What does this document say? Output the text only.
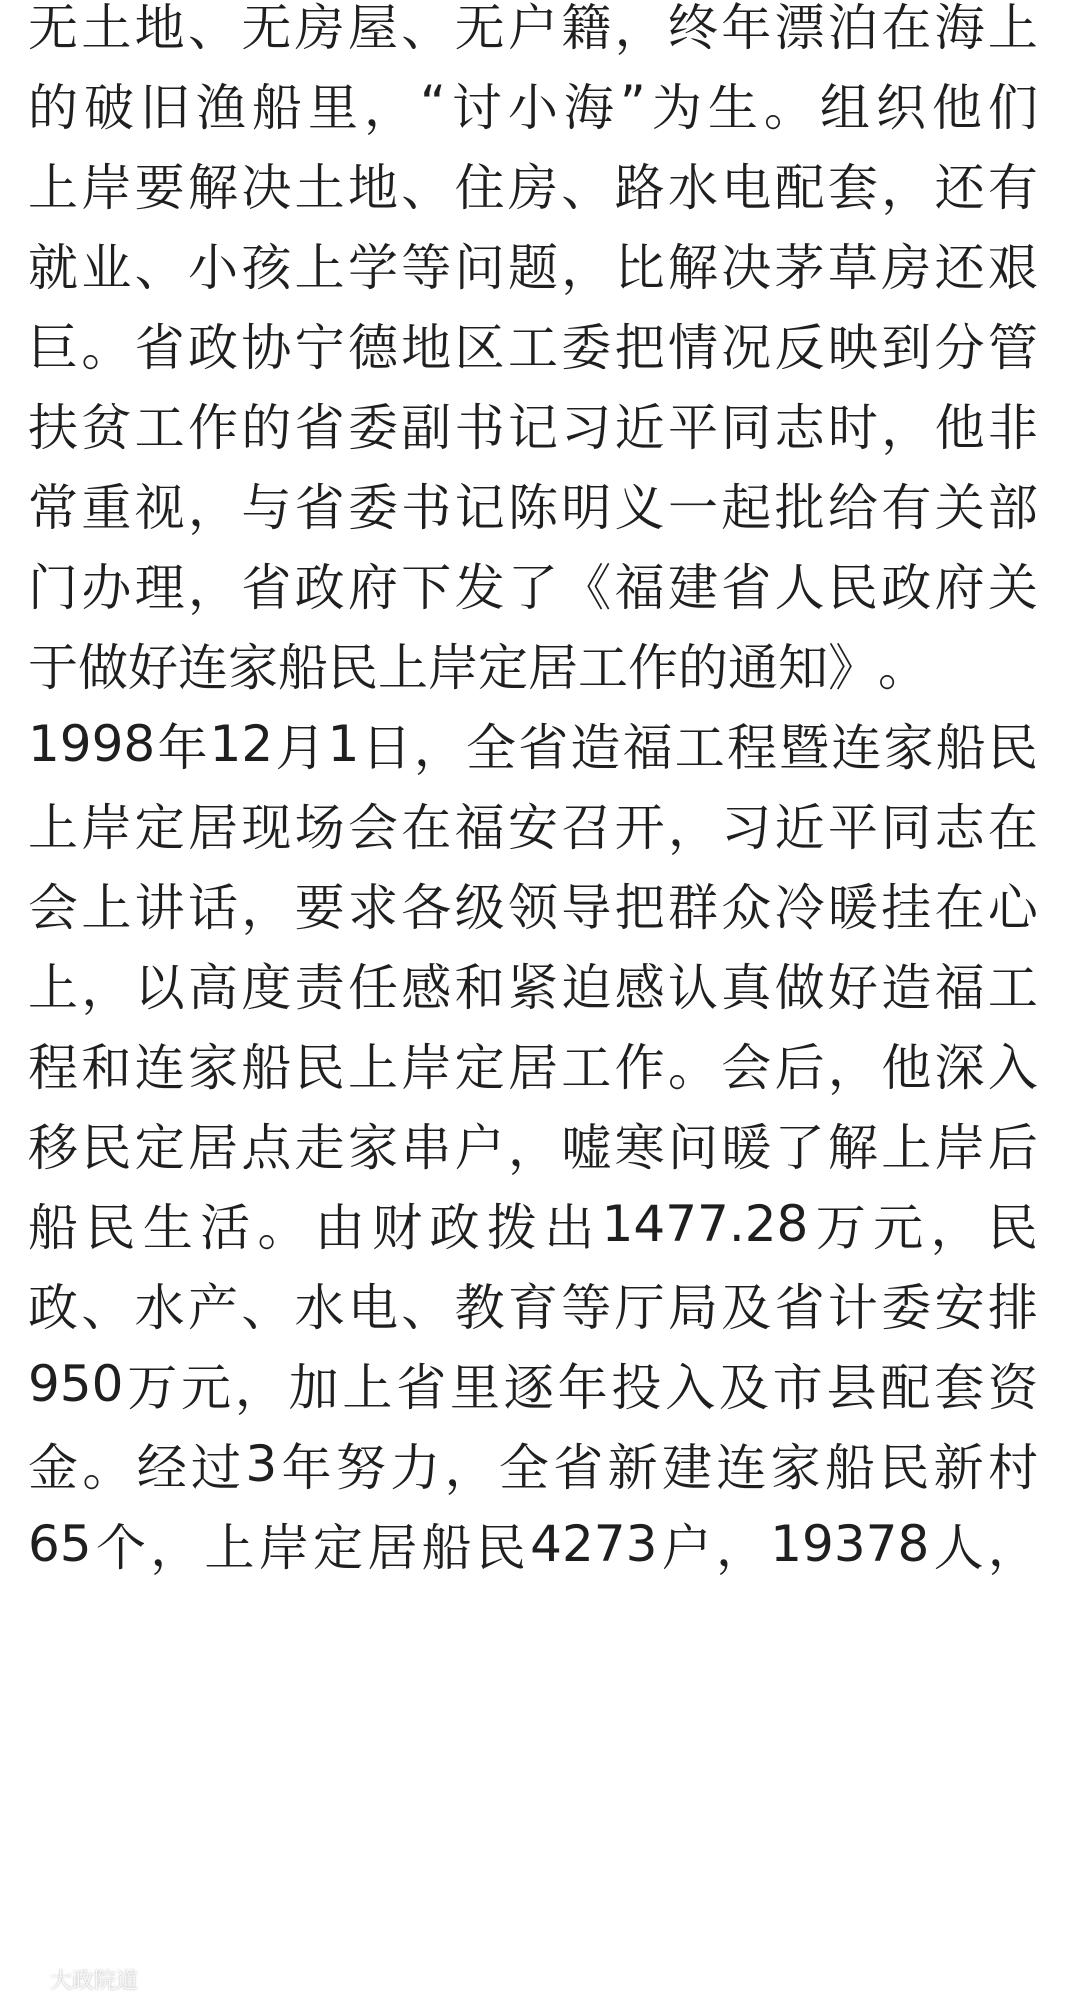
无 土 地 、 无 房 屋 、 无 户 籍 ， 终 年 漂 泊 在 海 上
的 破 旧 渔 船 里 ， “ 讨 小 海 ” 为 生 。 组 织 他 们
上 岸 要 解 决 土 地 、 住 房 、 路 水 电 配 套 ， 还 有
就 业 、 小 孩 上 学 等 问 题 ， 比 解 决 茅 草 房 还 艰
巨 。 省 政 协 宁 德 地 区 工 委 把 情 况 反 映 到 分 管
扶 贫 工 作 的 省 委 副 书 记 习 近 平 同 志 时 ， 他 非
常 重 视 ， 与 省 委 书 记 陈 明 义 一 起 批 给 有 关 部
门 办 理 ， 省 政 府 下 发 了 《 福 建 省 人 民 政 府 关
于 做 好 连 家 船 民 上 岸 定 居 工 作 的 通 知 》 。
1998 年 12 月 1 日 ， 全 省 造 福 工 程 暨 连 家 船 民
上 岸 定 居 现 场 会 在 福 安 召 开 ， 习 近 平 同 志 在
会 上 讲 话 ， 要 求 各 级 领 导 把 群 众 冷 暖 挂 在 心
上 ， 以 高 度 责 任 感 和 紧 迫 感 认 真 做 好 造 福 工
程 和 连 家 船 民 上 岸 定 居 工 作 。 会 后 ， 他 深 入
移 民 定 居 点 走 家 串 户 ， 嘘 寒 问 暖 了 解 上 岸 后
船 民 生 活 。 由 财 政 拨 出 1477.28 万 元 ， 民
政 、 水 产 、 水 电 、 教 育 等 厅 局 及 省 计 委 安 排
950 万 元 ， 加 上 省 里 逐 年 投 入 及 市 县 配 套 资
金 。 经 过 3 年 努 力 ， 全 省 新 建 连 家 船 民 新 村
65 个 ， 上 岸 定 居 船 民 4273 户 ， 19378 人 ，
大政院道
